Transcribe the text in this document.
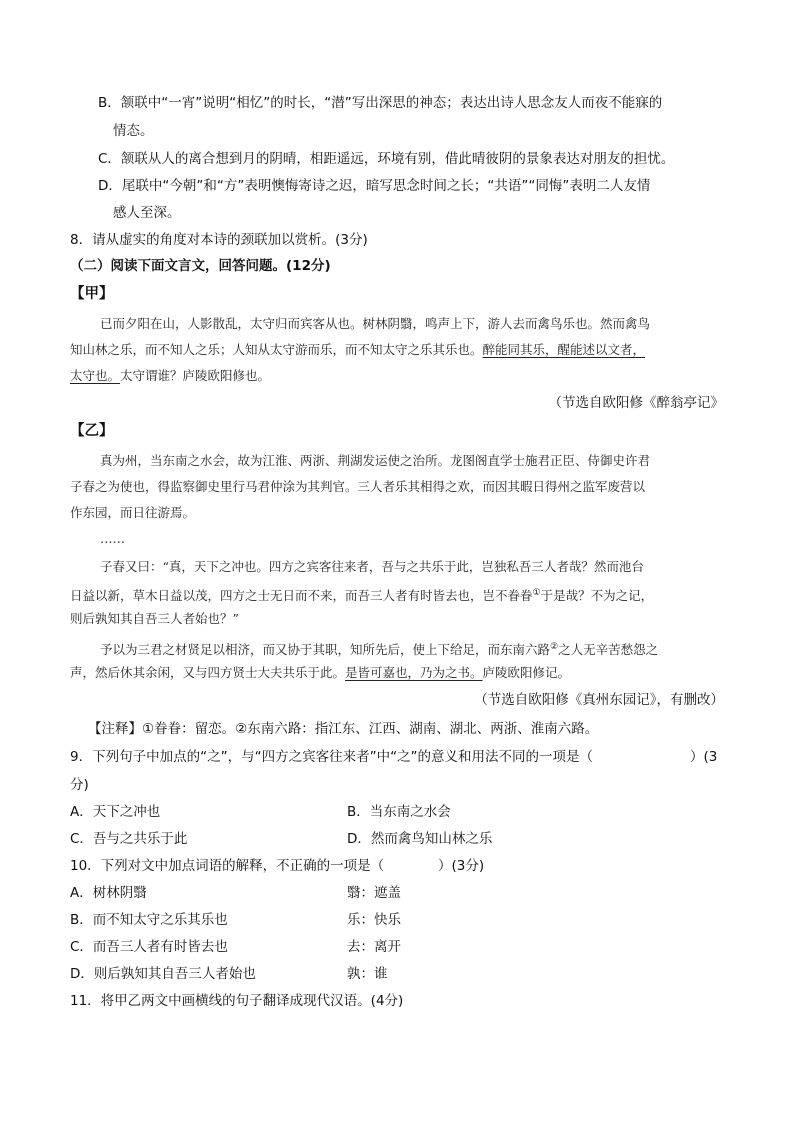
B．颔联中“一宵”说明“相忆”的时长，“潜”写出深思的神态；表达出诗人思念友人而夜不能寐的
情态。
C．颔联从人的离合想到月的阴晴，相距遥远，环境有别，借此晴彼阴的景象表达对朋友的担忧。
D．尾联中“今朝”和“方”表明懊悔寄诗之迟，暗写思念时间之长；“共语”“同悔”表明二人友情
感人至深。
8．请从虚实的角度对本诗的颈联加以赏析。(3分)
（二）阅读下面文言文，回答问题。(12分)
【甲】
已而夕阳在山，人影散乱，太守归而宾客从也。树林阴翳，鸣声上下，游人去而禽鸟乐也。然而禽鸟
知山林之乐，而不知人之乐；人知从太守游而乐，而不知太守之乐其乐也。醉能同其乐，醒能述以文者，
太守也。太守谓谁？庐陵欧阳修也。
（节选自欧阳修《醉翁亭记》
【乙】
真为州，当东南之水会，故为江淮、两浙、荆湖发运使之治所。龙图阁直学士施君正臣、侍御史许君
子春之为使也，得监察御史里行马君仲涂为其判官。三人者乐其相得之欢，而因其暇日得州之监军废营以
作东园，而日往游焉。
……
子春又曰：“真，天下之冲也。四方之宾客往来者，吾与之共乐于此，岂独私吾三人者哉？然而池台
日益以新，草木日益以茂，四方之士无日而不来，而吾三人者有时皆去也，岂不眷眷①于是哉？不为之记，
则后孰知其自吾三人者始也？”
予以为三君之材贤足以相济，而又协于其职，知所先后，使上下给足，而东南六路②之人无辛苦愁怨之
声，然后休其余闲，又与四方贤士大夫共乐于此。是皆可嘉也，乃为之书。庐陵欧阳修记。
（节选自欧阳修《真州东园记》，有删改）
【注释】①眷眷：留恋。②东南六路：指江东、江西、湖南、湖北、两浙、淮南六路。
9．下列句子中加点的“之”，与“四方之宾客往来者”中“之”的意义和用法不同的一项是（	）(3
分)
A．天下之冲也	B．当东南之水会
C．吾与之共乐于此	D．然而禽鸟知山林之乐
10．下列对文中加点词语的解释，不正确的一项是（	）(3分)
A．树林阴翳	翳：遮盖
B．而不知太守之乐其乐也	乐：快乐
C．而吾三人者有时皆去也	去：离开
D．则后孰知其自吾三人者始也	孰：谁
11．将甲乙两文中画横线的句子翻译成现代汉语。(4分)
